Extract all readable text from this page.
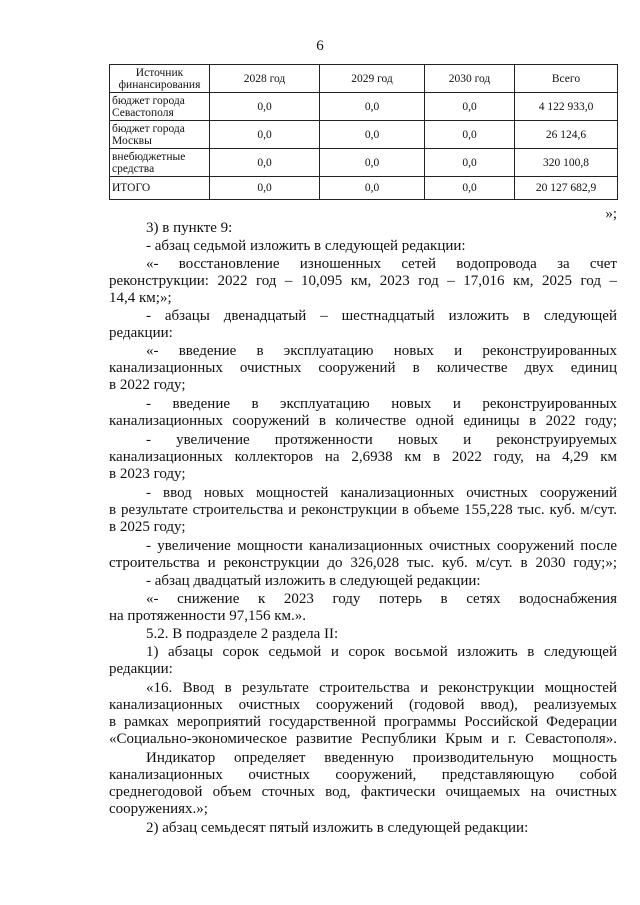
6
Источник финансирования	2028 год	2029 год	2030 год	Всего
бюджет города Севастополя	0,0	0,0	0,0	4 122 933,0
бюджет города Москвы	0,0	0,0	0,0	26 124,6
внебюджетные средства	0,0	0,0	0,0	320 100,8
ИТОГО	0,0	0,0	0,0	20 127 682,9
»;
3) в пункте 9:
- абзац седьмой изложить в следующей редакции:
«- восстановление изношенных сетей водопровода за счет
реконструкции: 2022 год – 10,095 км, 2023 год – 17,016 км, 2025 год –
14,4 км;»;
- абзацы двенадцатый – шестнадцатый изложить в следующей
редакции:
«- введение в эксплуатацию новых и реконструированных
канализационных очистных сооружений в количестве двух единиц
в 2022 году;
- введение в эксплуатацию новых и реконструированных
канализационных сооружений в количестве одной единицы в 2022 году;
- увеличение протяженности новых и реконструируемых
канализационных коллекторов на 2,6938 км в 2022 году, на 4,29 км
в 2023 году;
- ввод новых мощностей канализационных очистных сооружений
в результате строительства и реконструкции в объеме 155,228 тыс. куб. м/сут.
в 2025 году;
- увеличение мощности канализационных очистных сооружений после
строительства и реконструкции до 326,028 тыс. куб. м/сут. в 2030 году;»;
- абзац двадцатый изложить в следующей редакции:
«- снижение к 2023 году потерь в сетях водоснабжения
на протяженности 97,156 км.».
5.2. В подразделе 2 раздела II:
1) абзацы сорок седьмой и сорок восьмой изложить в следующей
редакции:
«16. Ввод в результате строительства и реконструкции мощностей
канализационных очистных сооружений (годовой ввод), реализуемых
в рамках мероприятий государственной программы Российской Федерации
«Социально-экономическое развитие Республики Крым и г. Севастополя».
Индикатор определяет введенную производительную мощность
канализационных очистных сооружений, представляющую собой
среднегодовой объем сточных вод, фактически очищаемых на очистных
сооружениях.»;
2) абзац семьдесят пятый изложить в следующей редакции:
